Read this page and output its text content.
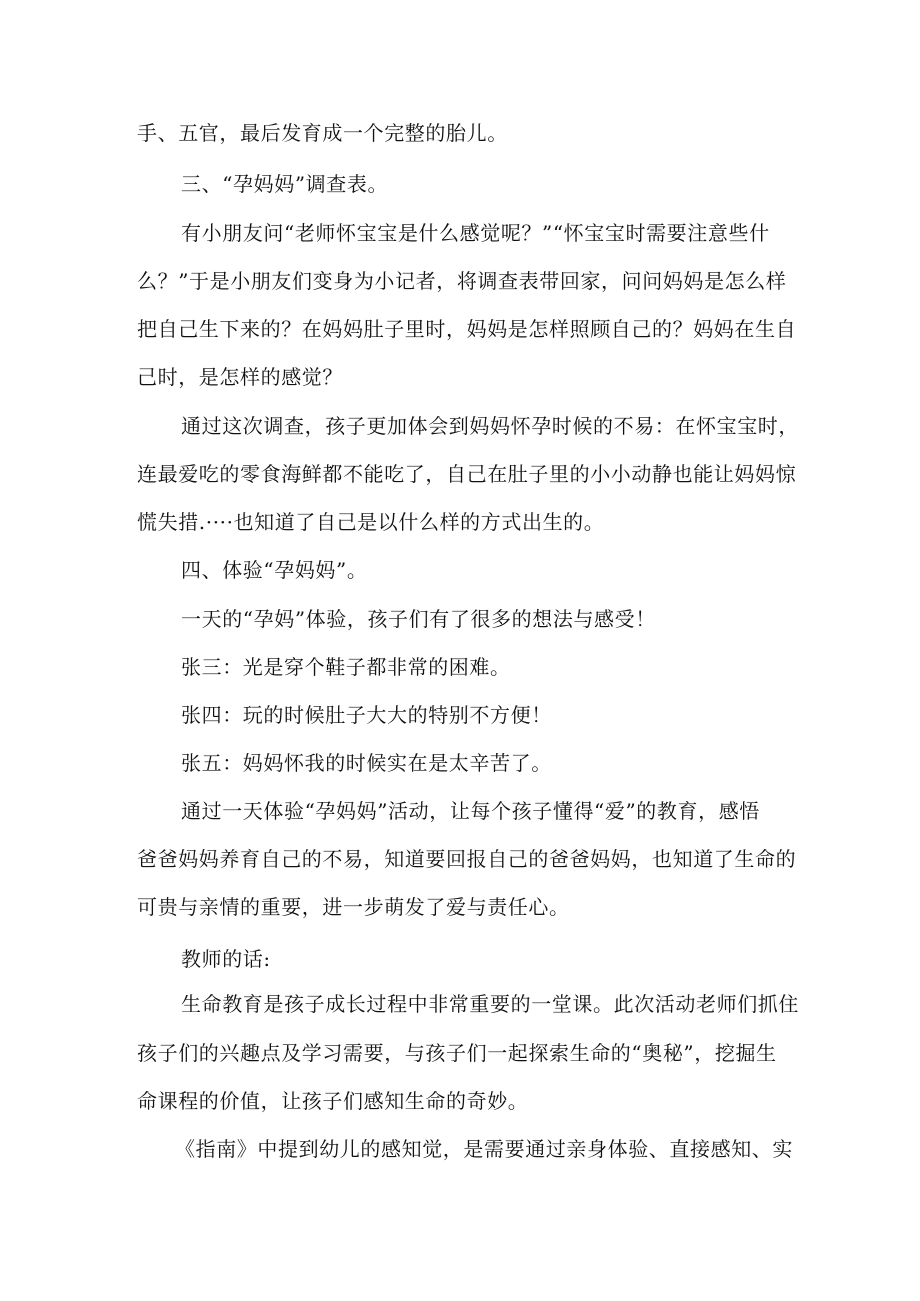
手、五官，最后发育成一个完整的胎儿。
三、“孕妈妈”调查表。
有小朋友问“老师怀宝宝是什么感觉呢？”“怀宝宝时需要注意些什
么？”于是小朋友们变身为小记者，将调查表带回家，问问妈妈是怎么样
把自己生下来的？在妈妈肚子里时，妈妈是怎样照顾自己的？妈妈在生自
己时，是怎样的感觉？
通过这次调查，孩子更加体会到妈妈怀孕时候的不易：在怀宝宝时，
连最爱吃的零食海鲜都不能吃了，自己在肚子里的小小动静也能让妈妈惊
慌失措.····也知道了自己是以什么样的方式出生的。
四、体验“孕妈妈”。
一天的“孕妈”体验，孩子们有了很多的想法与感受！
张三：光是穿个鞋子都非常的困难。
张四：玩的时候肚子大大的特别不方便！
张五：妈妈怀我的时候实在是太辛苦了。
通过一天体验“孕妈妈”活动，让每个孩子懂得“爱”的教育，感悟
爸爸妈妈养育自己的不易，知道要回报自己的爸爸妈妈，也知道了生命的
可贵与亲情的重要，进一步萌发了爱与责任心。
教师的话:
生命教育是孩子成长过程中非常重要的一堂课。此次活动老师们抓住
孩子们的兴趣点及学习需要，与孩子们一起探索生命的“奥秘”，挖掘生
命课程的价值，让孩子们感知生命的奇妙。
《指南》中提到幼儿的感知觉，是需要通过亲身体验、直接感知、实
